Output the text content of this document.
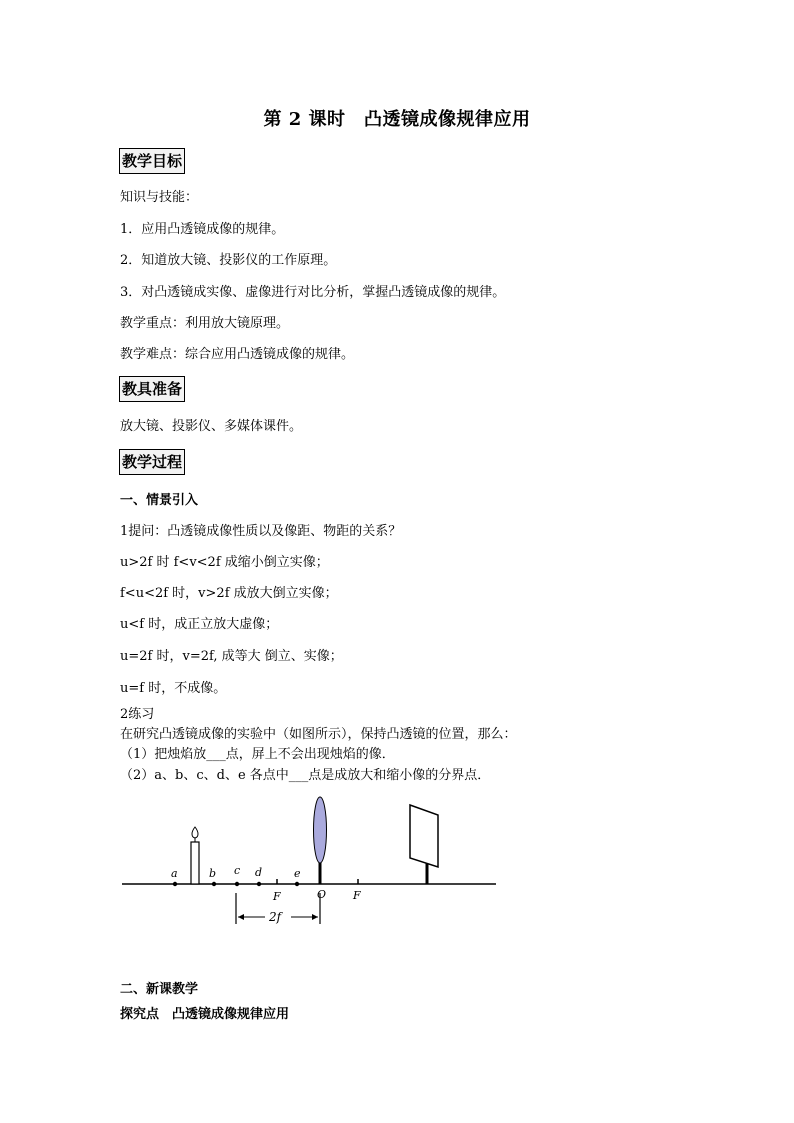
第 2 课时　凸透镜成像规律应用
教学目标
知识与技能：
1．应用凸透镜成像的规律。
2．知道放大镜、投影仪的工作原理。
3．对凸透镜成实像、虚像进行对比分析，掌握凸透镜成像的规律。
教学重点：利用放大镜原理。
教学难点：综合应用凸透镜成像的规律。
教具准备
放大镜、投影仪、多媒体课件。
教学过程
一、情景引入
1提问：凸透镜成像性质以及像距、物距的关系？
u>2f 时 f<v<2f 成缩小倒立实像；
f<u<2f 时，v>2f 成放大倒立实像；
u<f 时，成正立放大虚像；
u=2f 时，v=2f, 成等大 倒立、实像；
u=f 时，不成像。
2练习
在研究凸透镜成像的实验中（如图所示），保持凸透镜的位置，那么：
（1）把烛焰放___点，屏上不会出现烛焰的像．
（2）a、b、c、d、e 各点中___点是成放大和缩小像的分界点．
a	b c d	e
F	O F
2f
二、新课教学
探究点　凸透镜成像规律应用
